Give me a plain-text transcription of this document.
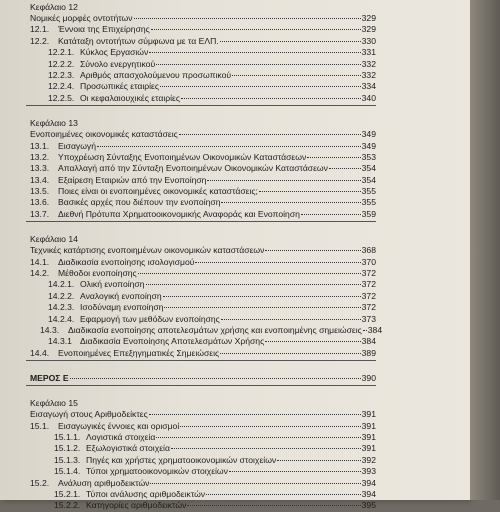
Κεφάλαιο 12
Νομικές μορφές οντοτήτων	329
12.1.	Έννοια της Επιχείρησης	329
12.2.	Κατάταξη οντοτήτων σύμφωνα με τα ΕΛΠ.	330
12.2.1. Κύκλος Εργασιών	331
12.2.2. Σύνολο ενεργητικού	332
12.2.3. Αριθμός απασχολούμενου προσωπικού	332
12.2.4. Προσωπικές εταιρίες	334
12.2.5. Οι κεφαλαιουχικές εταιρίες	340
Κεφάλαιο 13
Ενοποιημένες οικονομικές καταστάσεις	349
13.1.	Εισαγωγή	349
13.2.	Υποχρέωση Σύνταξης Ενοποιημένων Οικονομικών Καταστάσεων	353
13.3.	Απαλλαγή από την Σύνταξη Ενοποιημένων Οικονομικών Καταστάσεων	354
13.4.	Εξαίρεση Εταιριών από την Ενοποίηση	354
13.5.	Ποιες είναι οι ενοποιημένες οικονομικές καταστάσεις;	355
13.6.	Βασικές αρχές που διέπουν την ενοποίηση	355
13.7.	Διεθνή Πρότυπα Χρηματοοικονομικής Αναφοράς και Ενοποίηση	359
Κεφάλαιο 14
Τεχνικές κατάρτισης ενοποιημένων οικονομικών καταστάσεων	368
14.1.	Διαδικασία ενοποίησης ισολογισμού	370
14.2.	Μέθοδοι ενοποίησης	372
14.2.1. Ολική ενοποίηση	372
14.2.2. Αναλογική ενοποίηση	372
14.2.3. Ισοδύναμη ενοποίηση	372
14.2.4. Εφαρμογή των μεθόδων ενοποίησης	373
14.3.	Διαδικασία ενοποίησης αποτελεσμάτων χρήσης και ενοποιημένης σημειώσεις 384
14.3.1 Διαδικασία Ενοποίησης Αποτελεσμάτων Χρήσης	384
14.4.	Ενοποιημένες Επεξηγηματικές Σημειώσεις	389
ΜΕΡΟΣ Ε	390
Κεφάλαιο 15
Εισαγωγή στους Αριθμοδείκτες	391
15.1.	Εισαγωγικές έννοιες και ορισμοί	391
15.1.1. Λογιστικά στοιχεία	391
15.1.2. Εξωλογιστικά στοιχεία	391
15.1.3. Πηγές και χρήστες χρηματοοικονομικών στοιχείων	392
15.1.4. Τύποι χρηματοοικονομικών στοιχείων	393
15.2.	Ανάλυση αριθμοδεικτών	394
15.2.1. Τύποι ανάλυσης αριθμοδεικτών	394
15.2.2. Κατηγορίες αριθμοδεικτών	395
